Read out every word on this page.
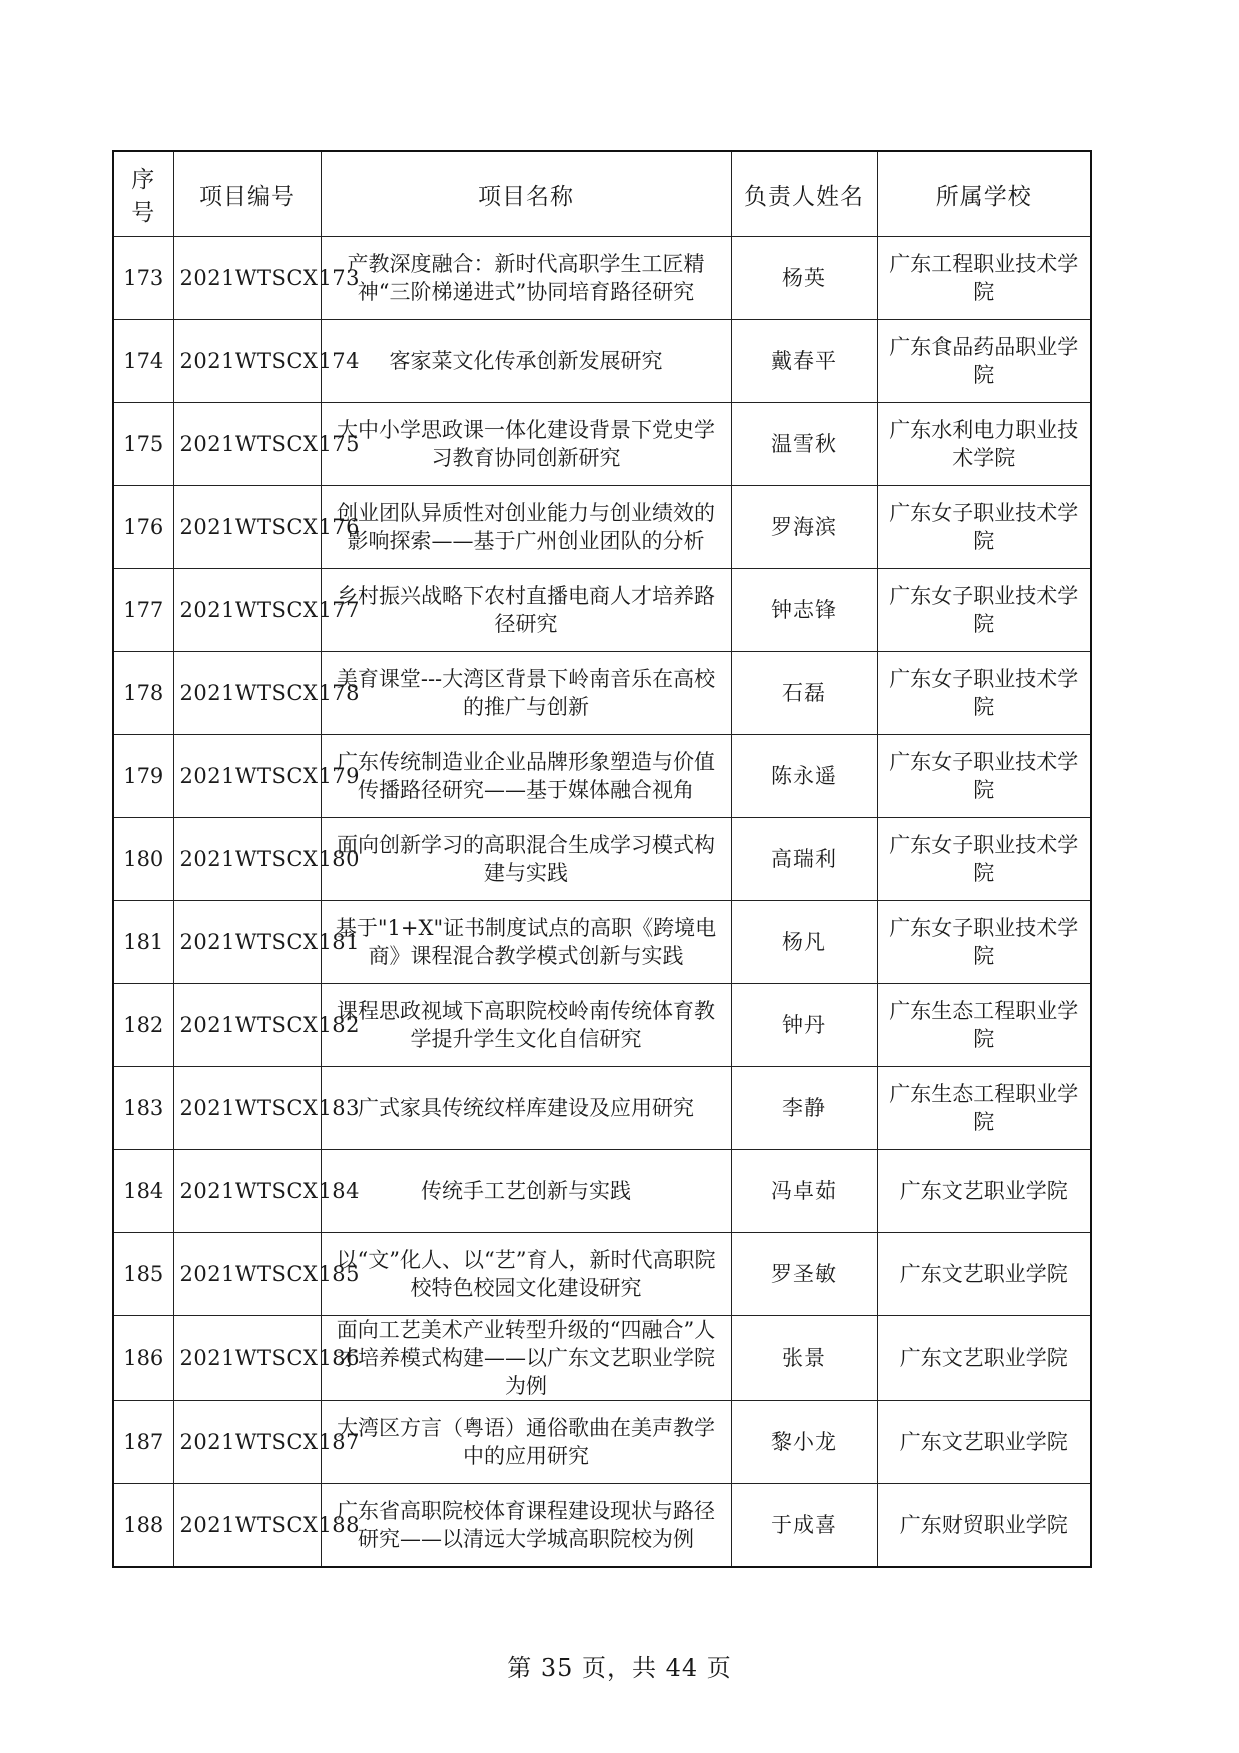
序号	项目编号	项目名称	负责人姓名	所属学校
173	2021WTSCX173	产教深度融合：新时代高职学生工匠精神“三阶梯递进式”协同培育路径研究	杨英	广东工程职业技术学院
174	2021WTSCX174	客家菜文化传承创新发展研究	戴春平	广东食品药品职业学院
175	2021WTSCX175	大中小学思政课一体化建设背景下党史学习教育协同创新研究	温雪秋	广东水利电力职业技术学院
176	2021WTSCX176	创业团队异质性对创业能力与创业绩效的影响探索——基于广州创业团队的分析	罗海滨	广东女子职业技术学院
177	2021WTSCX177	乡村振兴战略下农村直播电商人才培养路径研究	钟志锋	广东女子职业技术学院
178	2021WTSCX178	美育课堂---大湾区背景下岭南音乐在高校的推广与创新	石磊	广东女子职业技术学院
179	2021WTSCX179	广东传统制造业企业品牌形象塑造与价值传播路径研究——基于媒体融合视角	陈永遥	广东女子职业技术学院
180	2021WTSCX180	面向创新学习的高职混合生成学习模式构建与实践	高瑞利	广东女子职业技术学院
181	2021WTSCX181	基于"1+X"证书制度试点的高职《跨境电商》课程混合教学模式创新与实践	杨凡	广东女子职业技术学院
182	2021WTSCX182	课程思政视域下高职院校岭南传统体育教学提升学生文化自信研究	钟丹	广东生态工程职业学院
183	2021WTSCX183	广式家具传统纹样库建设及应用研究	李静	广东生态工程职业学院
184	2021WTSCX184	传统手工艺创新与实践	冯卓茹	广东文艺职业学院
185	2021WTSCX185	以“文”化人、以“艺”育人，新时代高职院校特色校园文化建设研究	罗圣敏	广东文艺职业学院
186	2021WTSCX186	面向工艺美术产业转型升级的“四融合”人才培养模式构建——以广东文艺职业学院为例	张景	广东文艺职业学院
187	2021WTSCX187	大湾区方言（粤语）通俗歌曲在美声教学中的应用研究	黎小龙	广东文艺职业学院
188	2021WTSCX188	广东省高职院校体育课程建设现状与路径研究——以清远大学城高职院校为例	于成喜	广东财贸职业学院
第 35 页，共 44 页
